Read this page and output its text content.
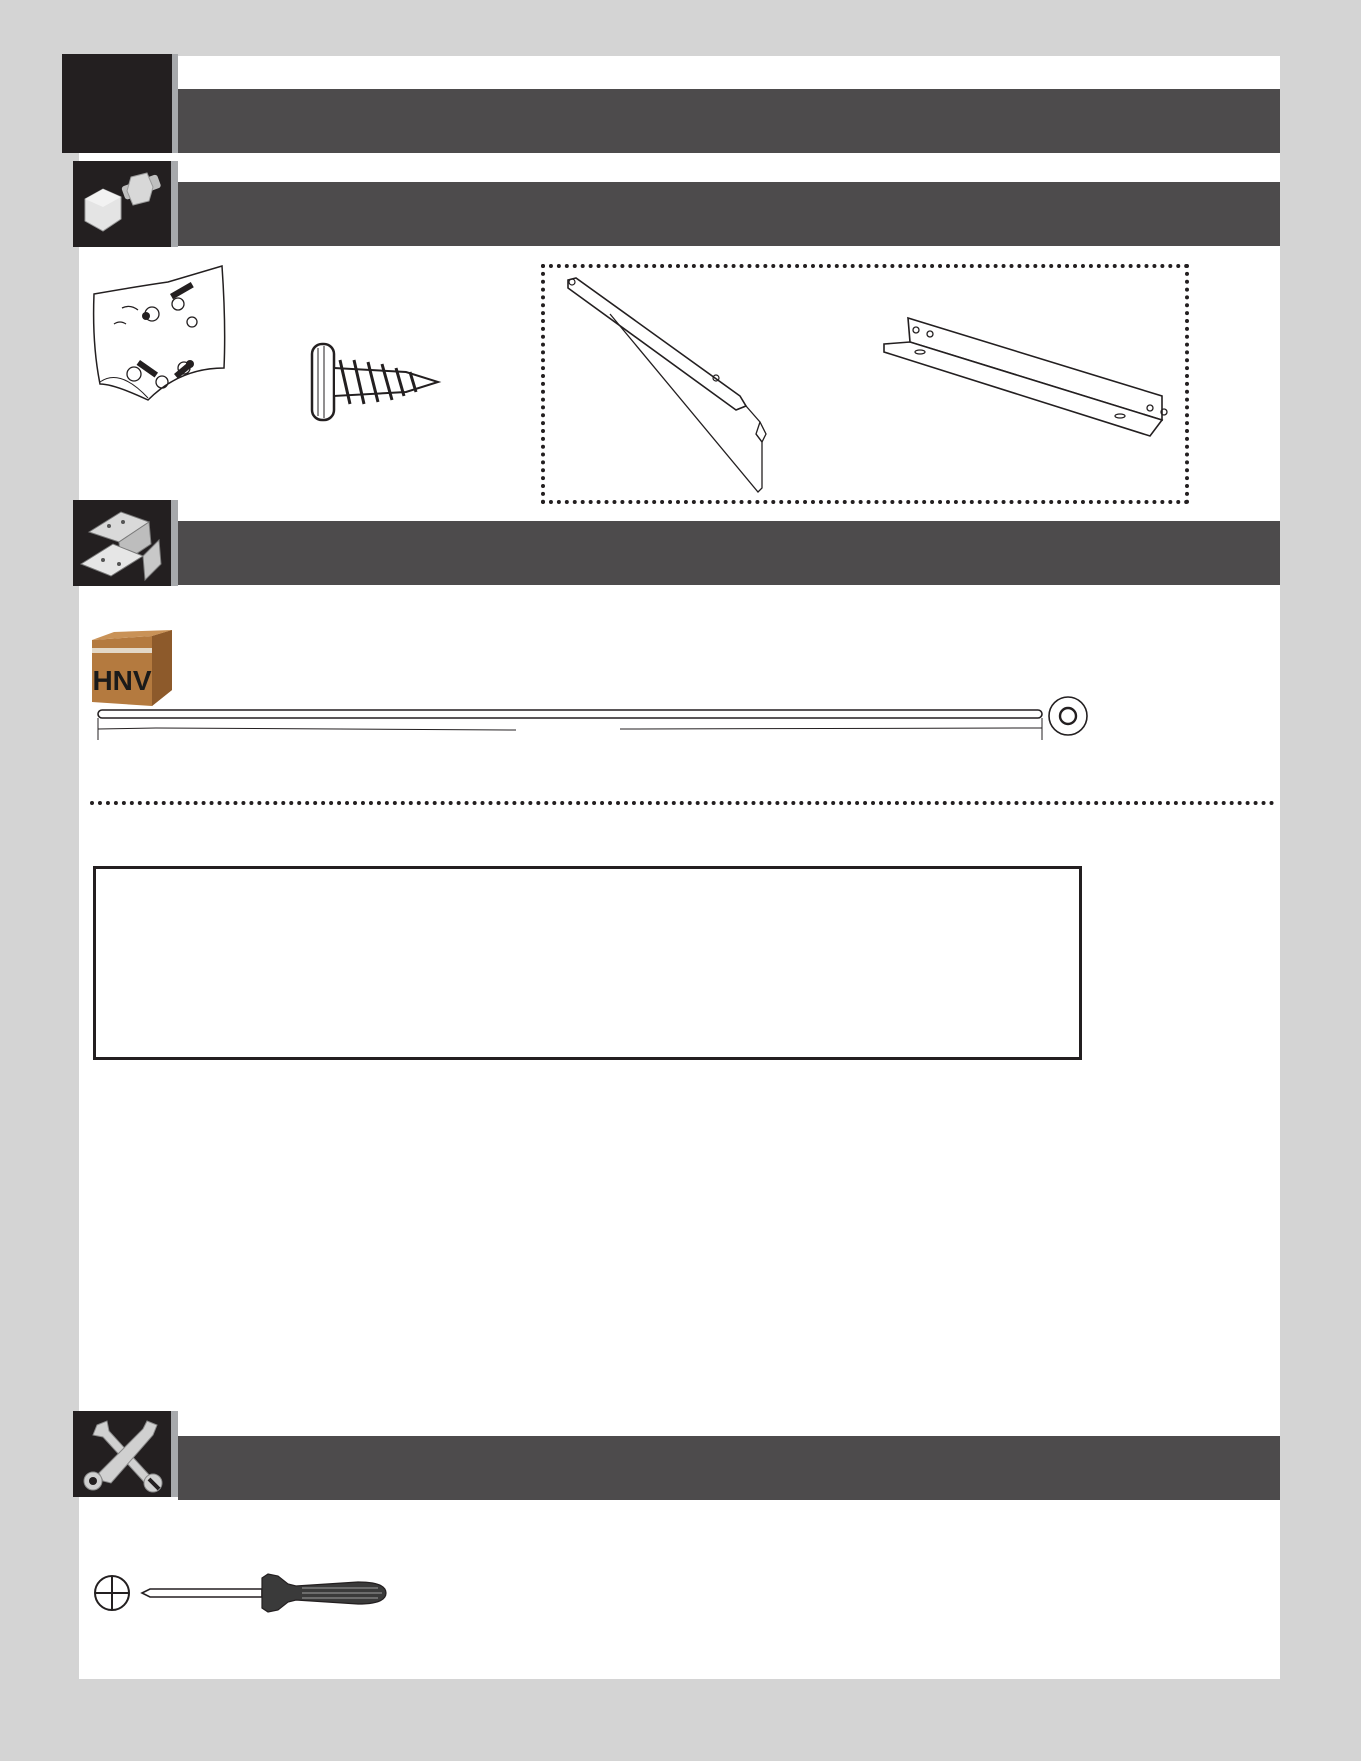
HNV
